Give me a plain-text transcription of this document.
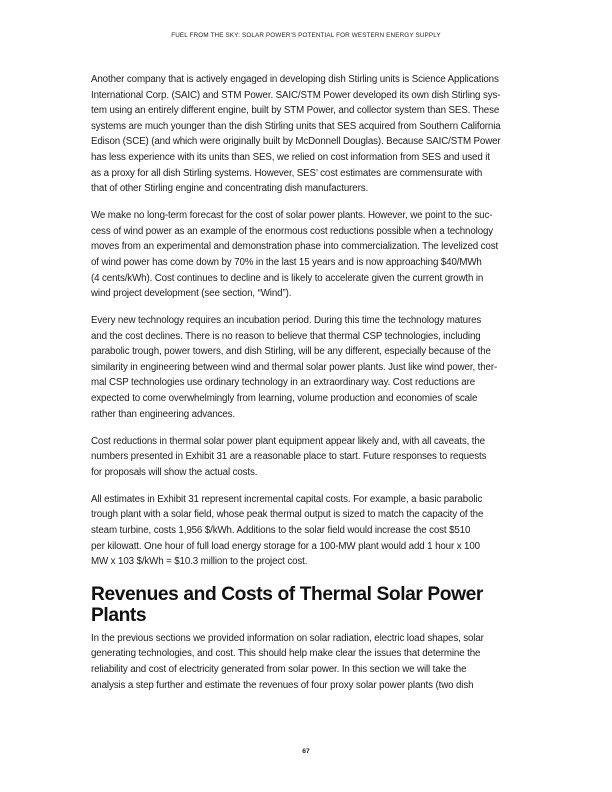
FUEL FROM THE SKY: SOLAR POWER'S POTENTIAL FOR WESTERN ENERGY SUPPLY

Another company that is actively engaged in developing dish Stirling units is Science Applications
International Corp. (SAIC) and STM Power. SAIC/STM Power developed its own dish Stirling sys-
tem using an entirely different engine, built by STM Power, and collector system than SES. These
systems are much younger than the dish Stirling units that SES acquired from Southern California
Edison (SCE) (and which were originally built by McDonnell Douglas). Because SAIC/STM Power
has less experience with its units than SES, we relied on cost information from SES and used it
as a proxy for all dish Stirling systems. However, SES’ cost estimates are commensurate with
that of other Stirling engine and concentrating dish manufacturers.

We make no long-term forecast for the cost of solar power plants. However, we point to the suc-
cess of wind power as an example of the enormous cost reductions possible when a technology
moves from an experimental and demonstration phase into commercialization. The levelized cost
of wind power has come down by 70% in the last 15 years and is now approaching $40/MWh
(4 cents/kWh). Cost continues to decline and is likely to accelerate given the current growth in
wind project development (see section, “Wind”).

Every new technology requires an incubation period. During this time the technology matures
and the cost declines. There is no reason to believe that thermal CSP technologies, including
parabolic trough, power towers, and dish Stirling, will be any different, especially because of the
similarity in engineering between wind and thermal solar power plants. Just like wind power, ther-
mal CSP technologies use ordinary technology in an extraordinary way. Cost reductions are
expected to come overwhelmingly from learning, volume production and economies of scale
rather than engineering advances.

Cost reductions in thermal solar power plant equipment appear likely and, with all caveats, the
numbers presented in Exhibit 31 are a reasonable place to start. Future responses to requests
for proposals will show the actual costs.

All estimates in Exhibit 31 represent incremental capital costs. For example, a basic parabolic
trough plant with a solar field, whose peak thermal output is sized to match the capacity of the
steam turbine, costs 1,956 $/kWh. Additions to the solar field would increase the cost $510
per kilowatt. One hour of full load energy storage for a 100-MW plant would add 1 hour x 100
MW x 103 $/kWh = $10.3 million to the project cost.

Revenues and Costs of Thermal Solar Power
Plants

In the previous sections we provided information on solar radiation, electric load shapes, solar
generating technologies, and cost. This should help make clear the issues that determine the
reliability and cost of electricity generated from solar power. In this section we will take the
analysis a step further and estimate the revenues of four proxy solar power plants (two dish

67
